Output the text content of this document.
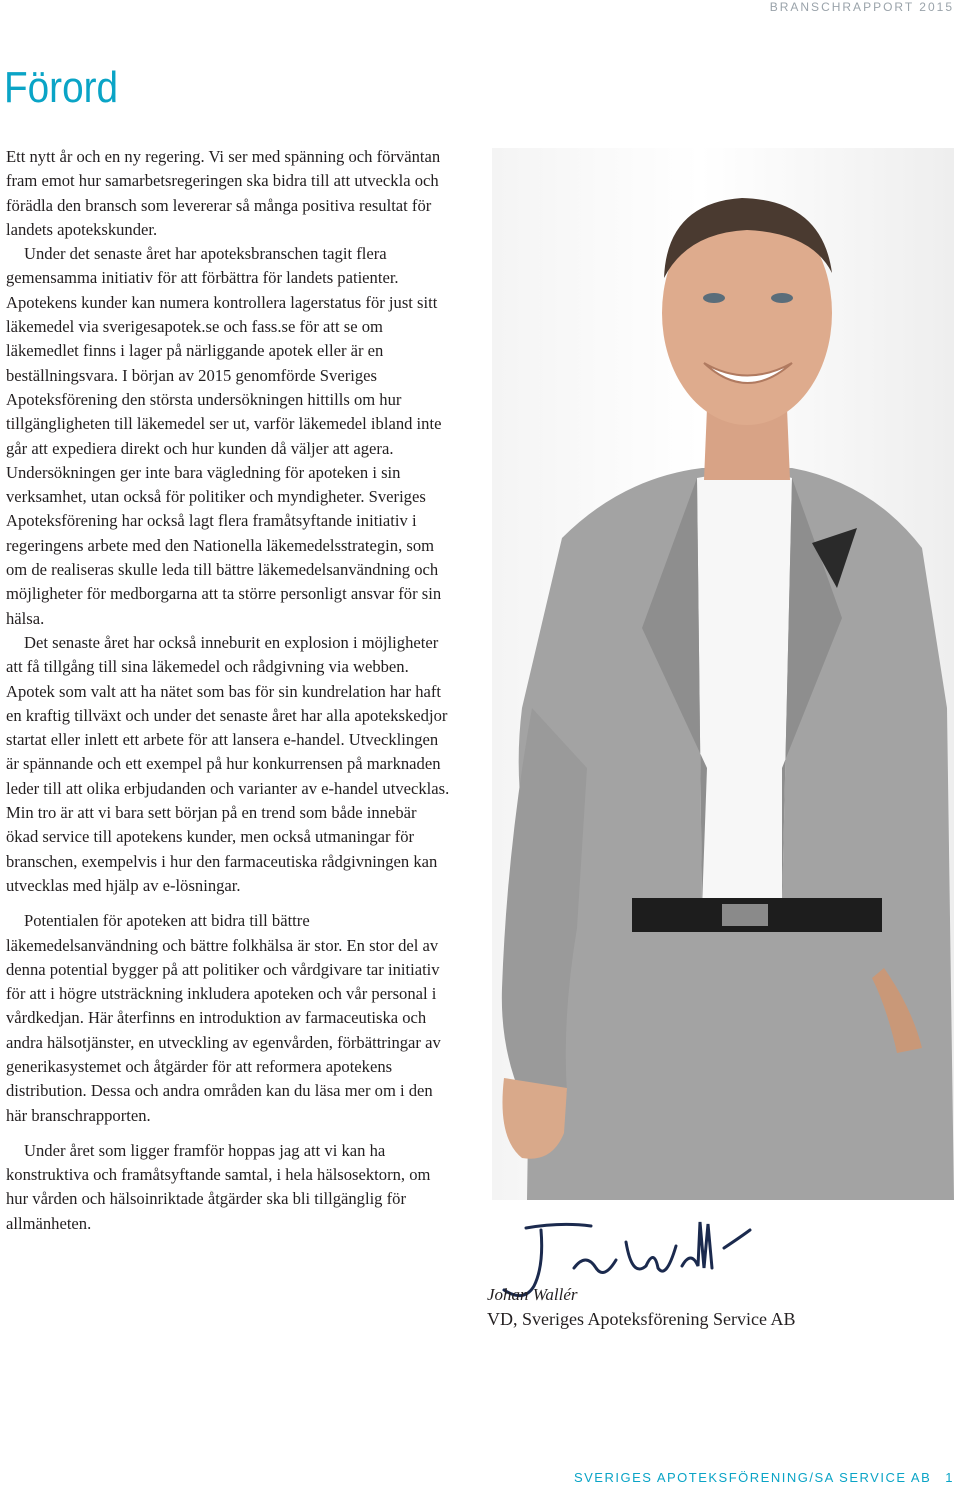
BRANSCHRAPPORT 2015
Förord

Ett nytt år och en ny regering. Vi ser med spänning och förväntan fram emot hur samarbetsregeringen ska bidra till att utveckla och förädla den bransch som levererar så många positiva resultat för landets apotekskunder.

Under det senaste året har apoteksbranschen tagit flera gemensamma initiativ för att förbättra för landets patienter. Apotekens kunder kan numera kontrollera lagerstatus för just sitt läkemedel via sverigesapotek.se och fass.se för att se om läkemedlet finns i lager på närliggande apotek eller är en beställningsvara. I början av 2015 genomförde Sveriges Apoteksförening den största undersökningen hittills om hur tillgängligheten till läkemedel ser ut, varför läkemedel ibland inte går att expediera direkt och hur kunden då väljer att agera. Undersökningen ger inte bara vägledning för apoteken i sin verksamhet, utan också för politiker och myndigheter. Sveriges Apoteksförening har också lagt flera framåtsyftande initiativ i regeringens arbete med den Nationella läkemedelsstrategin, som om de realiseras skulle leda till bättre läkemedelsanvändning och möjligheter för medborgarna att ta större personligt ansvar för sin hälsa.

Det senaste året har också inneburit en explosion i möjligheter att få tillgång till sina läkemedel och rådgivning via webben. Apotek som valt att ha nätet som bas för sin kundrelation har haft en kraftig tillväxt och under det senaste året har alla apotekskedjor startat eller inlett ett arbete för att lansera e-handel. Utvecklingen är spännande och ett exempel på hur konkurrensen på marknaden leder till att olika erbjudanden och varianter av e-handel utvecklas. Min tro är att vi bara sett början på en trend som både innebär ökad service till apotekens kunder, men också utmaningar för branschen, exempelvis i hur den farmaceutiska rådgivningen kan utvecklas med hjälp av e-lösningar.

Potentialen för apoteken att bidra till bättre läkemedelsanvändning och bättre folkhälsa är stor. En stor del av denna potential bygger på att politiker och vårdgivare tar initiativ för att i högre utsträckning inkludera apoteken och vår personal i vårdkedjan. Här återfinns en introduktion av farmaceutiska och andra hälsotjänster, en utveckling av egenvården, förbättringar av generikasystemet och åtgärder för att reformera apotekens distribution. Dessa och andra områden kan du läsa mer om i den här branschrapporten.

Under året som ligger framför hoppas jag att vi kan ha konstruktiva och framåtsyftande samtal, i hela hälsosektorn, om hur vården och hälsoinriktade åtgärder ska bli tillgänglig för allmänheten.

Johan Wallér
VD, Sveriges Apoteksförening Service AB
SVERIGES APOTEKSFÖRENING/SA SERVICE AB 1
